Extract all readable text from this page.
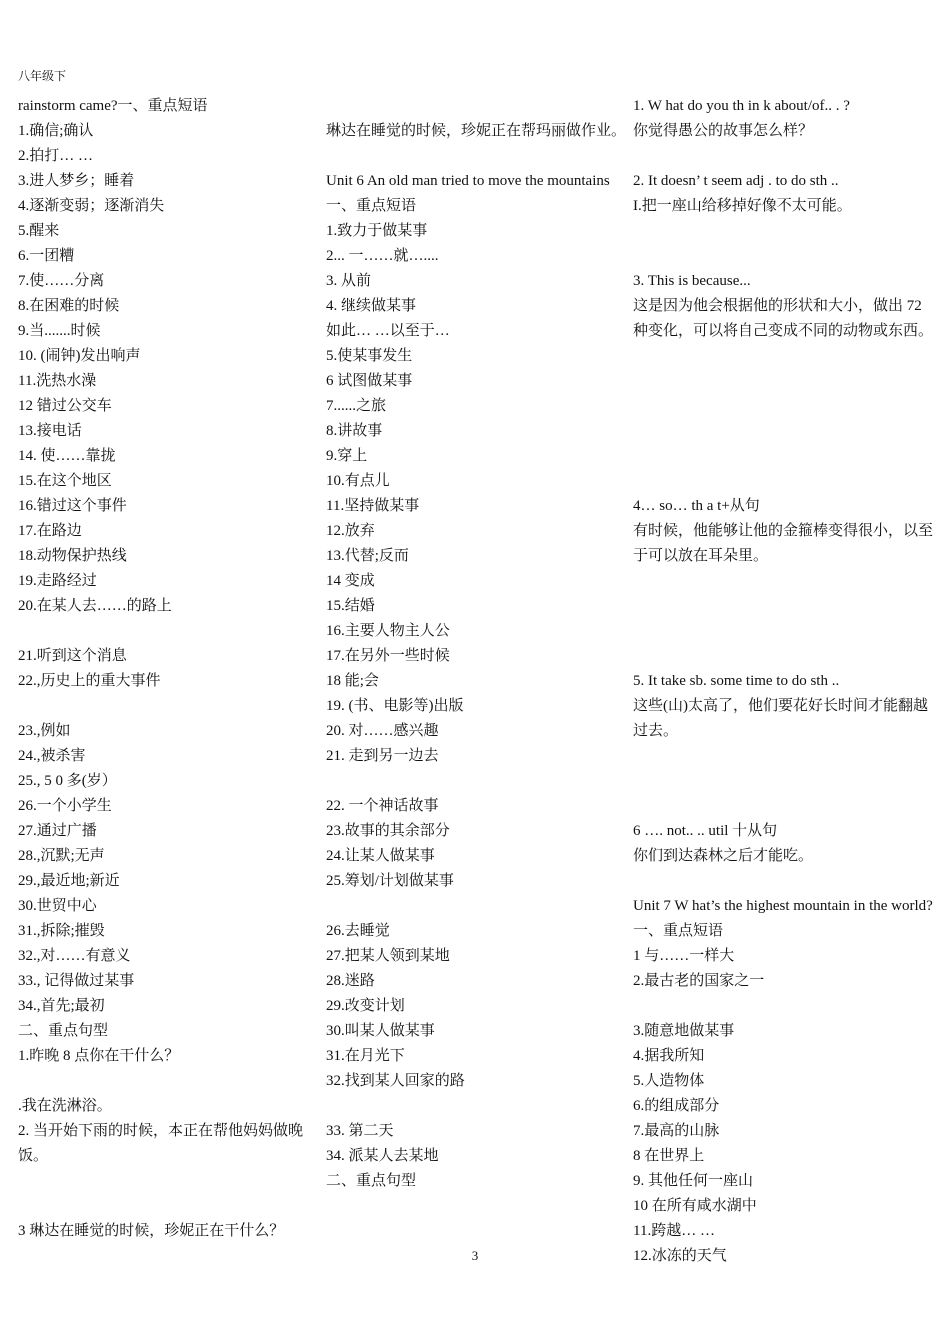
八年级下
rainstorm came?一、重点短语
1.确信;确认
2.拍打… …
3.进人梦乡；睡着
4.逐渐变弱；逐渐消失
5.醒来
6.一团糟
7.使……分离
8.在困难的时候
9.当.......时候
10. (闹钟)发出响声
11.洗热水澡
12 错过公交车
13.接电话
14. 使……靠拢
15.在这个地区
16.错过这个事件
17.在路边
18.动物保护热线
19.走路经过
20.在某人去……的路上
21.听到这个消息
22.,历史上的重大事件
23.,例如
24.,被杀害
25., 5 0 多(岁）
26.一个小学生
27.通过广播
28.,沉默;无声
29.,最近地;新近
30.世贸中心
31.,拆除;摧毁
32.,对……有意义
33., 记得做过某事
34.,首先;最初
二、重点句型
1.昨晚 8 点你在干什么？
.我在洗淋浴。
2. 当开始下雨的时候，本正在帮他妈妈做晚饭。
3 琳达在睡觉的时候，珍妮正在干什么？
琳达在睡觉的时候，珍妮正在帮玛丽做作业。
Unit 6 An old man tried to move the mountains 一、重点短语
1.致力于做某事
2... 一……就…....
3. 从前
4. 继续做某事
如此… …以至于…
5.使某事发生
6 试图做某事
7......之旅
8.讲故事
9.穿上
10.有点儿
11.坚持做某事
12.放弃
13.代替;反而
14 变成
15.结婚
16.主要人物主人公
17.在另外一些时候
18 能;会
19. (书、电影等)出版
20. 对……感兴趣
21. 走到另一边去
22. 一个神话故事
23.故事的其余部分
24.让某人做某事
25.筹划/计划做某事
26.去睡觉
27.把某人领到某地
28.迷路
29.改变计划
30.叫某人做某事
31.在月光下
32.找到某人回家的路
33. 第二天
34. 派某人去某地
二、重点句型
1. W hat do you th in k about/of.. . ?
你觉得愚公的故事怎么样？
2. It doesn’ t seem adj . to do sth ..
I.把一座山给移掉好像不太可能。
3. This is because...
这是因为他会根据他的形状和大小，做出 72 种变化，可以将自己变成不同的动物或东西。
4… so… th a t+从句
有时候，他能够让他的金箍棒变得很小，以至于可以放在耳朵里。
5. It take sb. some time to do sth ..
这些(山)太高了，他们要花好长时间才能翻越过去。
6 …. not.. .. util 十从句
你们到达森林之后才能吃。
Unit 7 W hat’s the highest mountain in the world?一、重点短语
1 与……一样大
2.最古老的国家之一
3.随意地做某事
4.据我所知
5.人造物体
6.的组成部分
7.最高的山脉
8 在世界上
9. 其他任何一座山
10 在所有咸水湖中
11.跨越… …
12.冰冻的天气
3
